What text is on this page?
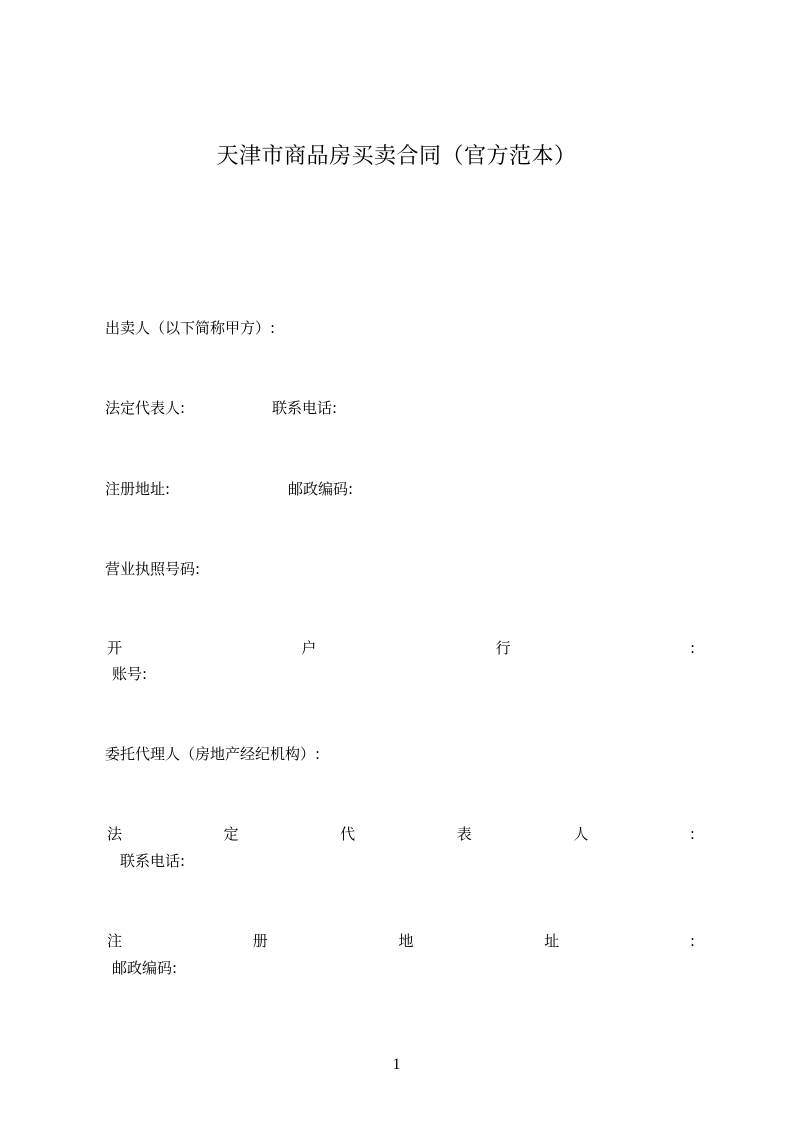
天津市商品房买卖合同（官方范本）
出卖人（以下简称甲方）:
法定代表人:	联系电话:
注册地址:	邮政编码:
营业执照号码:
开	户	行	:
账号:
委托代理人（房地产经纪机构）:
法	定	代	表	人	:
联系电话:
注	册	地	址	:
邮政编码:
1
